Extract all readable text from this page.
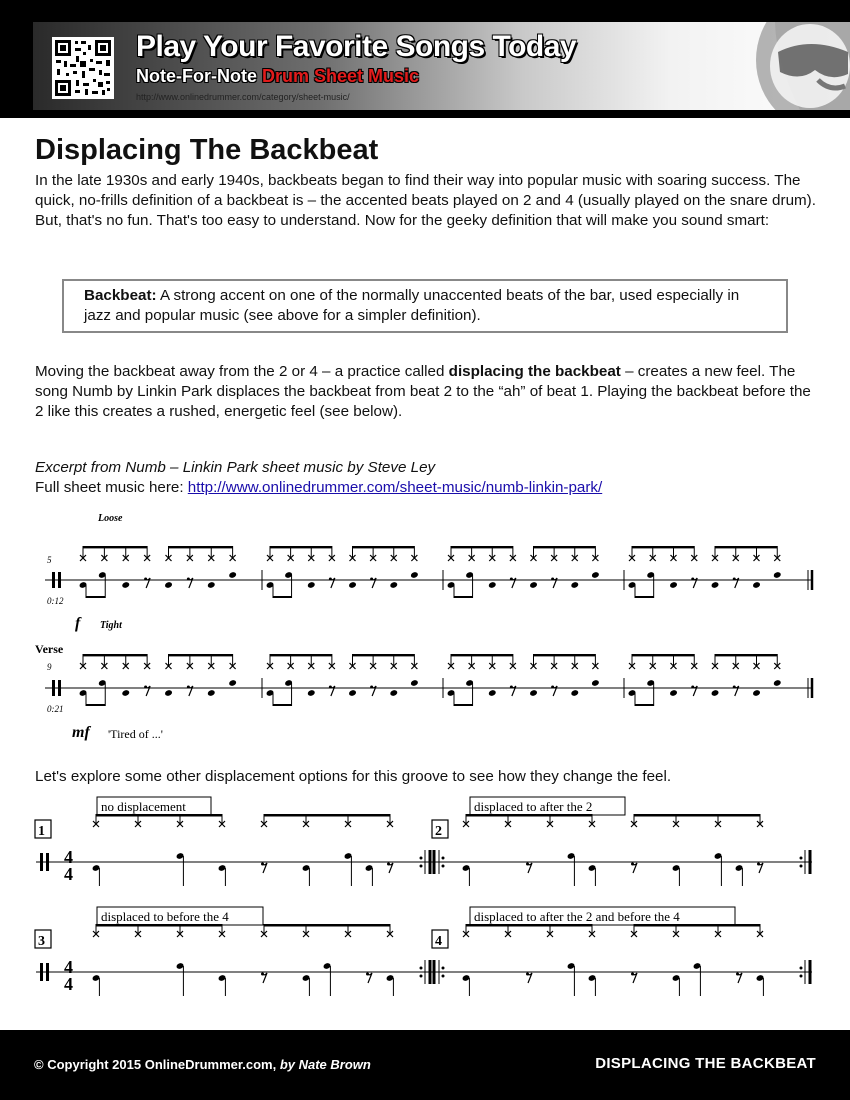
Play Your Favorite Songs Today
Note-For-Note Drum Sheet Music
http://www.onlinedrummer.com/category/sheet-music/
Displacing The Backbeat
In the late 1930s and early 1940s, backbeats began to find their way into popular music with soaring success. The quick, no-frills definition of a backbeat is – the accented beats played on 2 and 4 (usually played on the snare drum). But, that's no fun. That's too easy to understand. Now for the geeky definition that will make you sound smart:
Backbeat: A strong accent on one of the normally unaccented beats of the bar, used especially in jazz and popular music (see above for a simpler definition).
Moving the backbeat away from the 2 or 4 – a practice called displacing the backbeat – creates a new feel. The song Numb by Linkin Park displaces the backbeat from beat 2 to the “ah” of beat 1. Playing the backbeat before the 2 like this creates a rushed, energetic feel (see below).
Excerpt from Numb – Linkin Park sheet music by Steve Ley
Full sheet music here: http://www.onlinedrummer.com/sheet-music/numb-linkin-park/
Let's explore some other displacement options for this groove to see how they change the feel.
Loose
5
0:12
f Tight
Verse
9
0:21
mf 'Tired of ...'
1
no displacement
2
displaced to after the 2
3
displaced to before the 4
4
displaced to after the 2 and before the 4
4
4
4
4
© Copyright 2015 OnlineDrummer.com, by Nate Brown	DISPLACING THE BACKBEAT
